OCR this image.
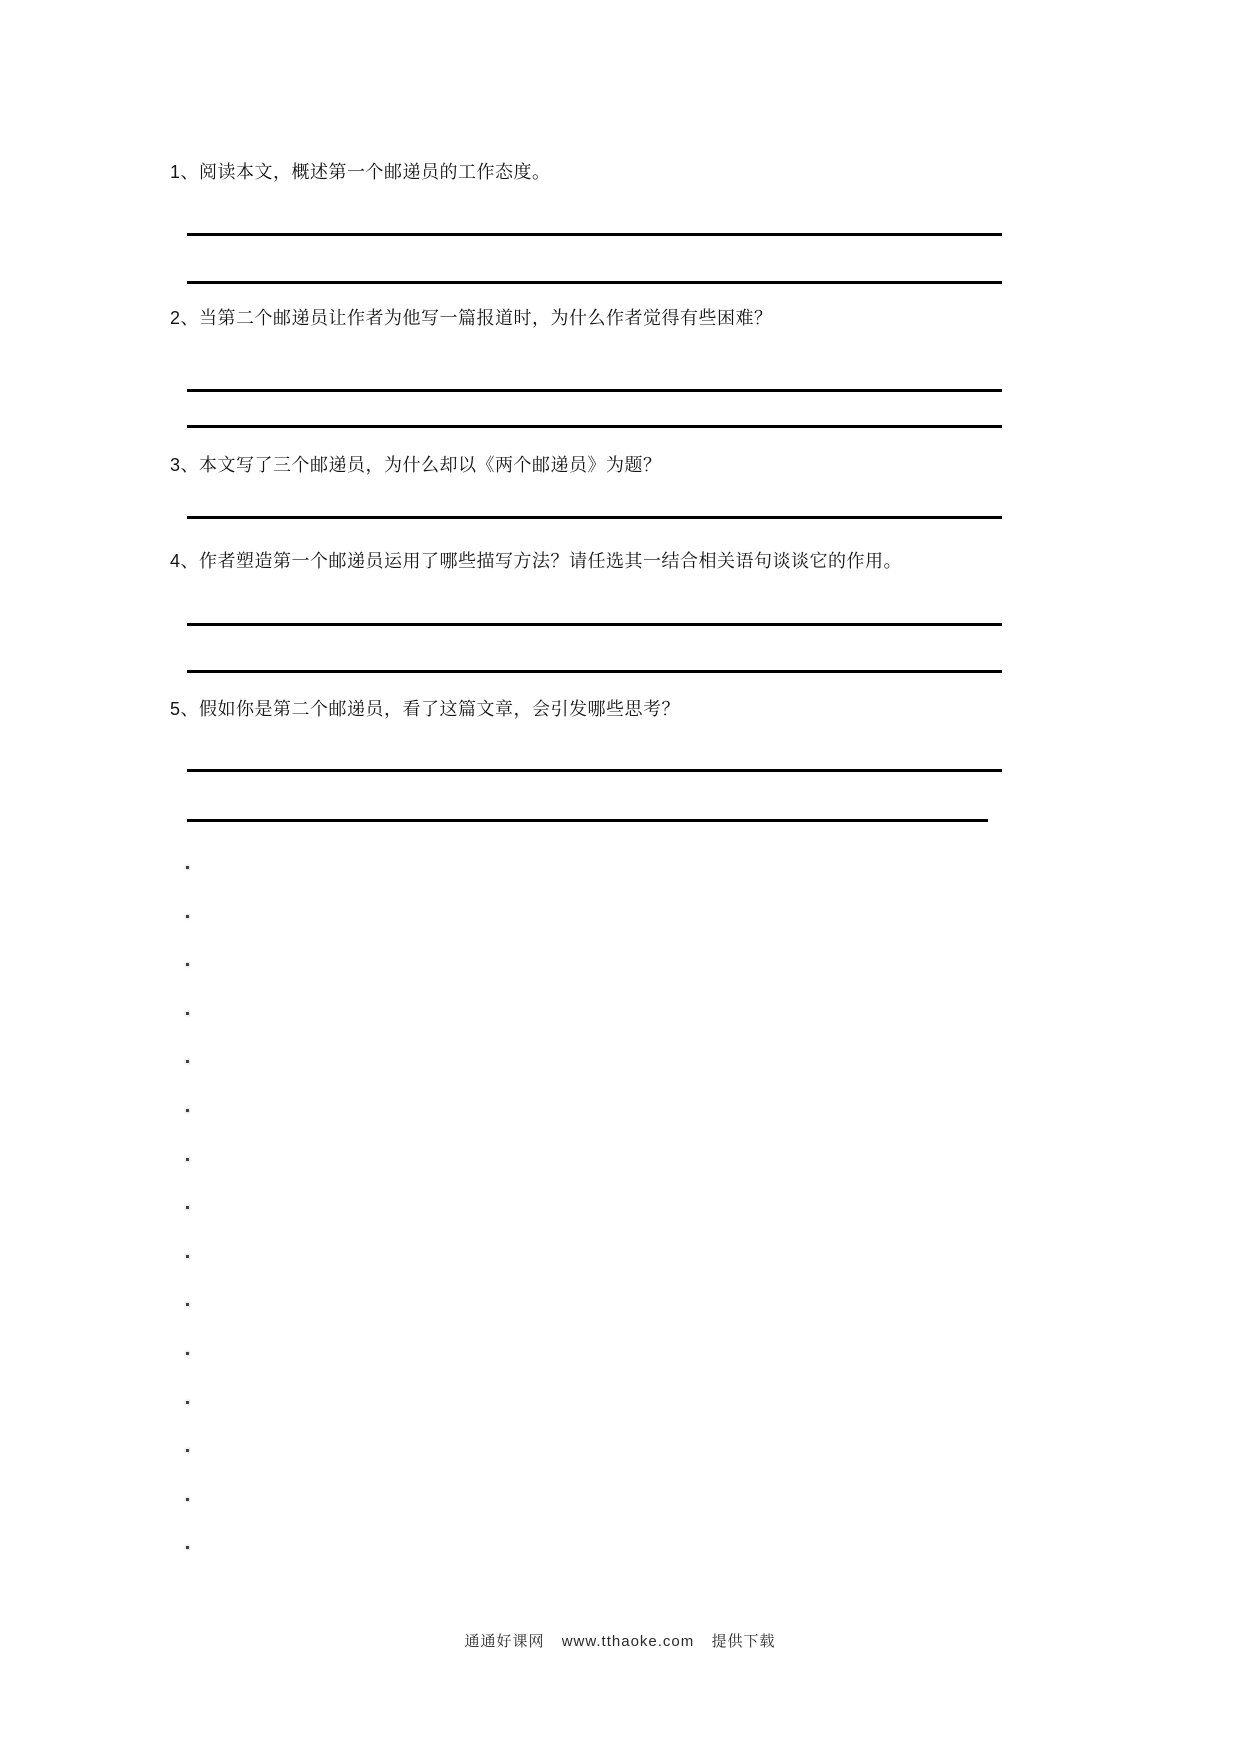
1、阅读本文，概述第一个邮递员的工作态度。
2、当第二个邮递员让作者为他写一篇报道时，为什么作者觉得有些困难？
3、本文写了三个邮递员，为什么却以《两个邮递员》为题？
4、作者塑造第一个邮递员运用了哪些描写方法？请任选其一结合相关语句谈谈它的作用。
5、假如你是第二个邮递员，看了这篇文章，会引发哪些思考？
通通好课网 www.tthaoke.com 提供下载
